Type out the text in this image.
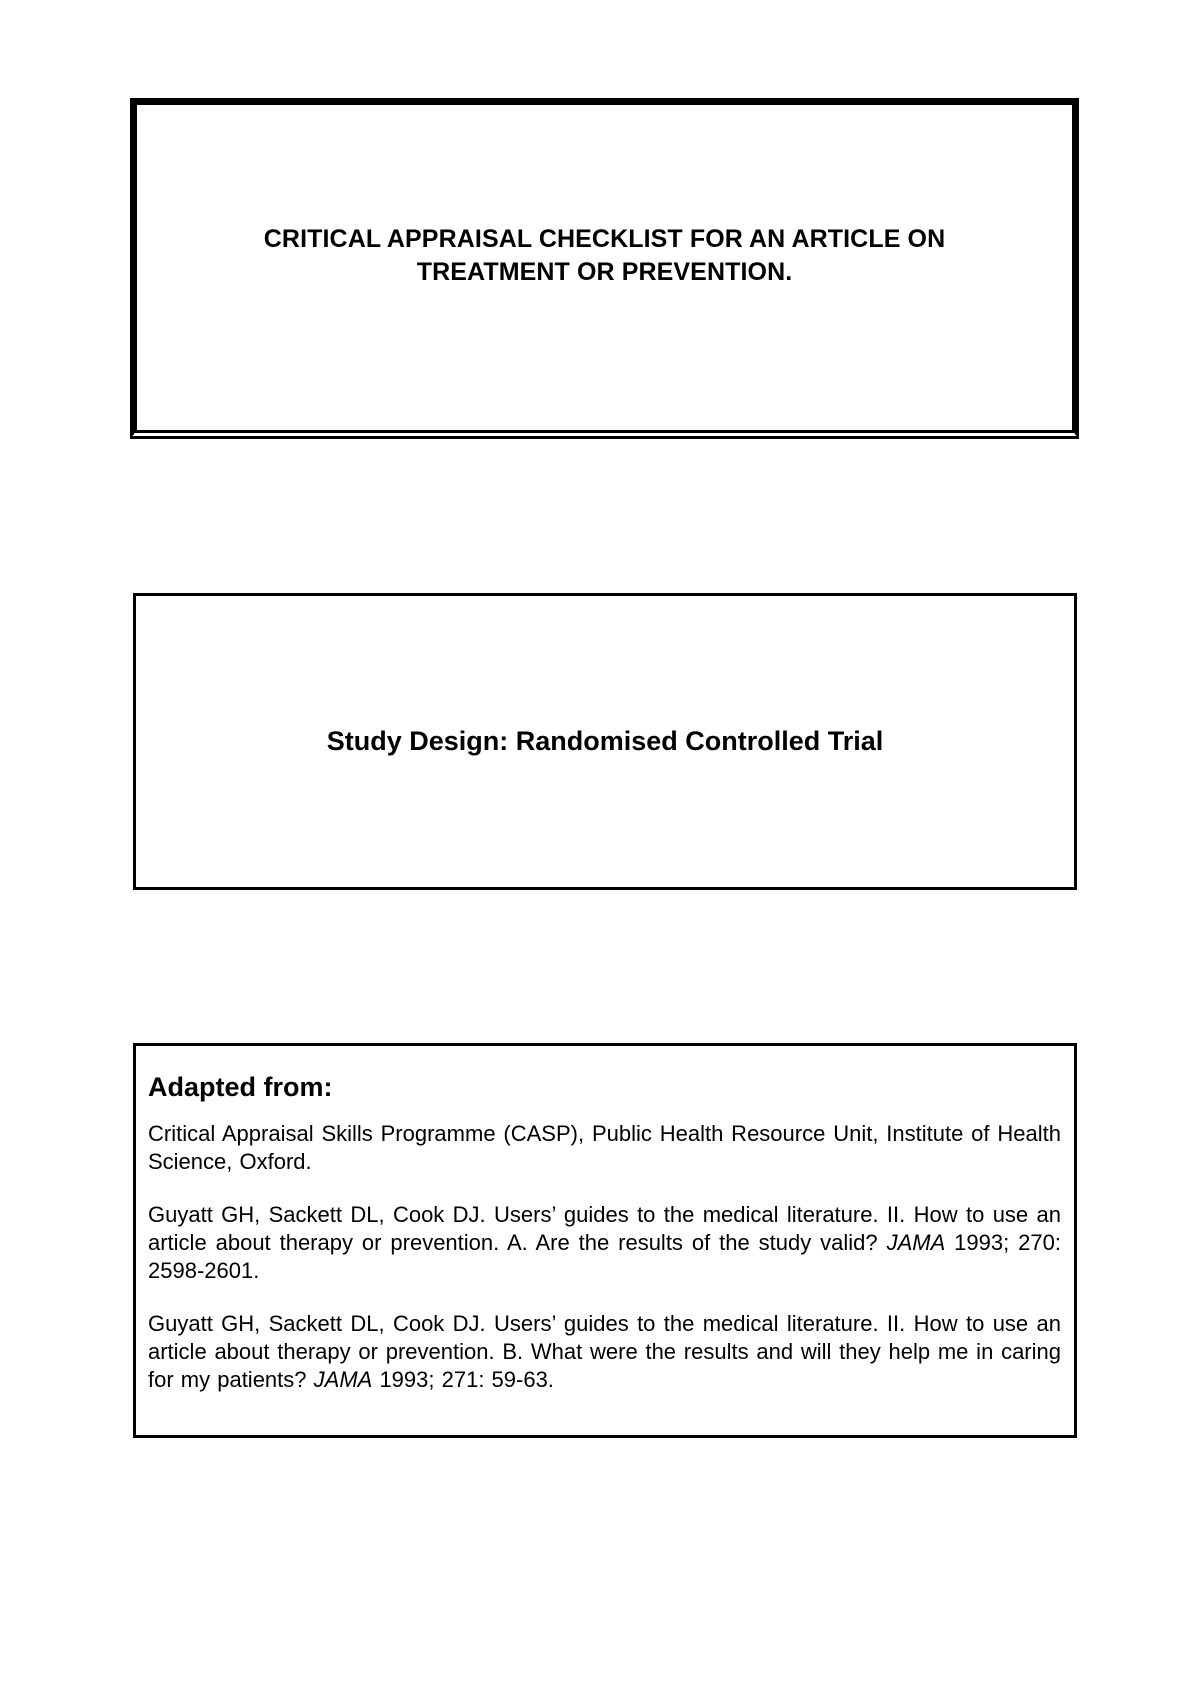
CRITICAL APPRAISAL CHECKLIST FOR AN ARTICLE ON
TREATMENT OR PREVENTION.
Study Design: Randomised Controlled Trial
Adapted from:

Critical Appraisal Skills Programme (CASP), Public Health Resource Unit, Institute of Health Science, Oxford.

Guyatt GH, Sackett DL, Cook DJ. Users’ guides to the medical literature. II. How to use an article about therapy or prevention. A. Are the results of the study valid? JAMA 1993; 270: 2598-2601.

Guyatt GH, Sackett DL, Cook DJ. Users’ guides to the medical literature. II. How to use an article about therapy or prevention. B. What were the results and will they help me in caring for my patients? JAMA 1993; 271: 59-63.
